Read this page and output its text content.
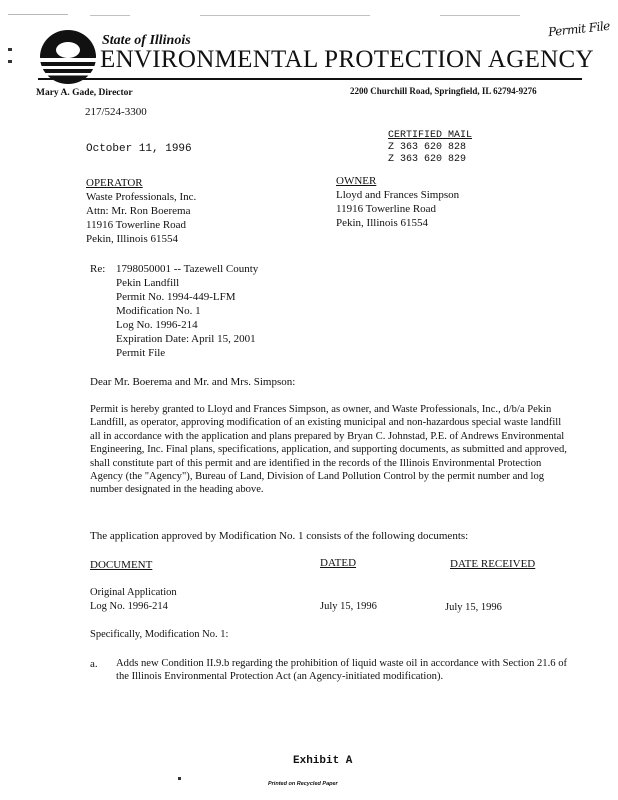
Permit File
State of Illinois
ENVIRONMENTAL PROTECTION AGENCY
Mary A. Gade, Director	2200 Churchill Road, Springfield, IL 62794-9276
217/524-3300
October 11, 1996
CERTIFIED MAIL
Z 363 620 828
Z 363 620 829
OPERATOR
Waste Professionals, Inc.
Attn: Mr. Ron Boerema
11916 Towerline Road
Pekin, Illinois 61554
OWNER
Lloyd and Frances Simpson
11916 Towerline Road
Pekin, Illinois 61554
Re: 1798050001 -- Tazewell County
Pekin Landfill
Permit No. 1994-449-LFM
Modification No. 1
Log No. 1996-214
Expiration Date: April 15, 2001
Permit File
Dear Mr. Boerema and Mr. and Mrs. Simpson:
Permit is hereby granted to Lloyd and Frances Simpson, as owner, and Waste Professionals, Inc., d/b/a Pekin Landfill, as operator, approving modification of an existing municipal and non-hazardous special waste landfill all in accordance with the application and plans prepared by Bryan C. Johnstad, P.E. of Andrews Environmental Engineering, Inc. Final plans, specifications, application, and supporting documents, as submitted and approved, shall constitute part of this permit and are identified in the records of the Illinois Environmental Protection Agency (the "Agency"), Bureau of Land, Division of Land Pollution Control by the permit number and log number designated in the heading above.
The application approved by Modification No. 1 consists of the following documents:
DOCUMENT	DATED	DATE RECEIVED
Original Application
Log No. 1996-214	July 15, 1996	July 15, 1996
Specifically, Modification No. 1:
a. Adds new Condition II.9.b regarding the prohibition of liquid waste oil in accordance with Section 21.6 of the Illinois Environmental Protection Act (an Agency-initiated modification).
Exhibit A
Printed on Recycled Paper
